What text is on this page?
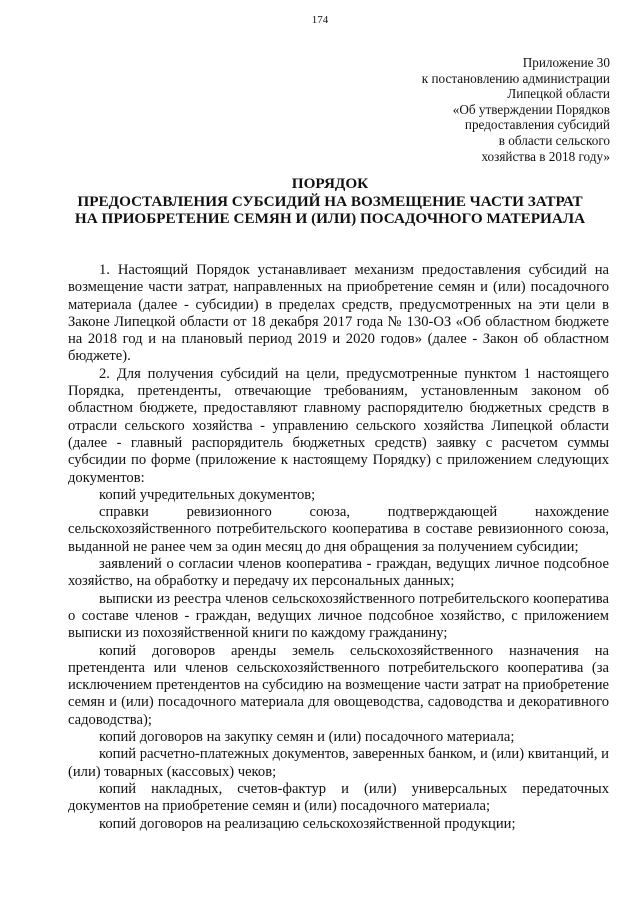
174
Приложение 30
к постановлению администрации
Липецкой области
«Об утверждении Порядков
предоставления субсидий
в области сельского
хозяйства в 2018 году»
ПОРЯДОК
ПРЕДОСТАВЛЕНИЯ СУБСИДИЙ НА ВОЗМЕЩЕНИЕ ЧАСТИ ЗАТРАТ
НА ПРИОБРЕТЕНИЕ СЕМЯН И (ИЛИ) ПОСАДОЧНОГО МАТЕРИАЛА

1. Настоящий Порядок устанавливает механизм предоставления субсидий на возмещение части затрат, направленных на приобретение семян и (или) посадочного материала (далее - субсидии) в пределах средств, предусмотренных на эти цели в Законе Липецкой области от 18 декабря 2017 года № 130-ОЗ «Об областном бюджете на 2018 год и на плановый период 2019 и 2020 годов» (далее - Закон об областном бюджете).

2. Для получения субсидий на цели, предусмотренные пунктом 1 настоящего Порядка, претенденты, отвечающие требованиям, установленным законом об областном бюджете, предоставляют главному распорядителю бюджетных средств в отрасли сельского хозяйства - управлению сельского хозяйства Липецкой области (далее - главный распорядитель бюджетных средств) заявку с расчетом суммы субсидии по форме (приложение к настоящему Порядку) с приложением следующих документов:

копий учредительных документов;

справки ревизионного союза, подтверждающей нахождение сельскохозяйственного потребительского кооператива в составе ревизионного союза, выданной не ранее чем за один месяц до дня обращения за получением субсидии;

заявлений о согласии членов кооператива - граждан, ведущих личное подсобное хозяйство, на обработку и передачу их персональных данных;

выписки из реестра членов сельскохозяйственного потребительского кооператива о составе членов - граждан, ведущих личное подсобное хозяйство, с приложением выписки из похозяйственной книги по каждому гражданину;

копий договоров аренды земель сельскохозяйственного назначения на претендента или членов сельскохозяйственного потребительского кооператива (за исключением претендентов на субсидию на возмещение части затрат на приобретение семян и (или) посадочного материала для овощеводства, садоводства и декоративного садоводства);

копий договоров на закупку семян и (или) посадочного материала;

копий расчетно-платежных документов, заверенных банком, и (или) квитанций, и (или) товарных (кассовых) чеков;

копий накладных, счетов-фактур и (или) универсальных передаточных документов на приобретение семян и (или) посадочного материала;

копий договоров на реализацию сельскохозяйственной продукции;
